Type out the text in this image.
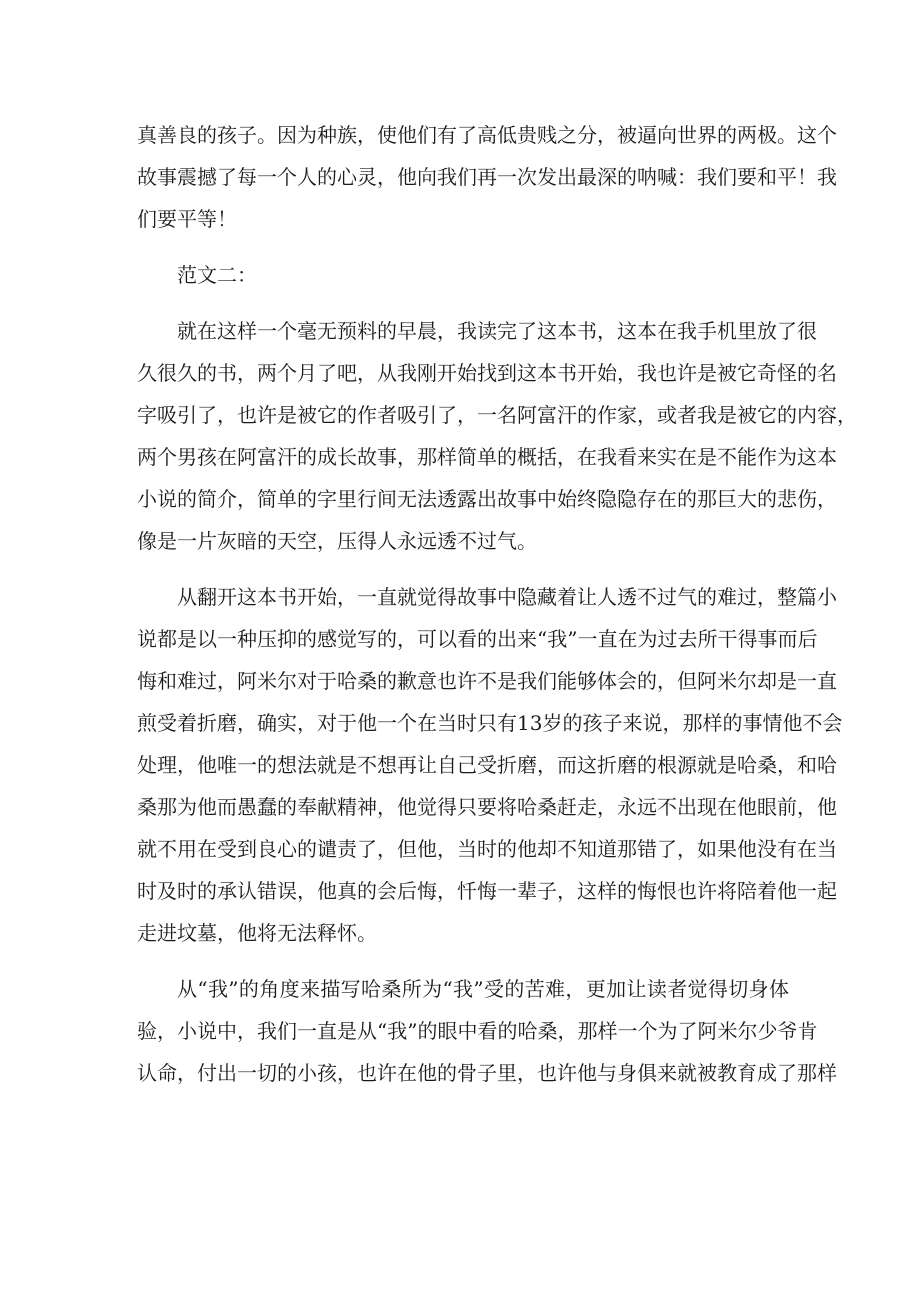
真善良的孩子。因为种族，使他们有了高低贵贱之分，被逼向世界的两极。这个
故事震撼了每一个人的心灵，他向我们再一次发出最深的呐喊：我们要和平！我
们要平等！
范文二：
就在这样一个毫无预料的早晨，我读完了这本书，这本在我手机里放了很
久很久的书，两个月了吧，从我刚开始找到这本书开始，我也许是被它奇怪的名
字吸引了，也许是被它的作者吸引了，一名阿富汗的作家，或者我是被它的内容，
两个男孩在阿富汗的成长故事，那样简单的概括，在我看来实在是不能作为这本
小说的简介，简单的字里行间无法透露出故事中始终隐隐存在的那巨大的悲伤，
像是一片灰暗的天空，压得人永远透不过气。
从翻开这本书开始，一直就觉得故事中隐藏着让人透不过气的难过，整篇小
说都是以一种压抑的感觉写的，可以看的出来“我”一直在为过去所干得事而后
悔和难过，阿米尔对于哈桑的歉意也许不是我们能够体会的，但阿米尔却是一直
煎受着折磨，确实，对于他一个在当时只有13岁的孩子来说，那样的事情他不会
处理，他唯一的想法就是不想再让自己受折磨，而这折磨的根源就是哈桑，和哈
桑那为他而愚蠢的奉献精神，他觉得只要将哈桑赶走，永远不出现在他眼前，他
就不用在受到良心的谴责了，但他，当时的他却不知道那错了，如果他没有在当
时及时的承认错误，他真的会后悔，忏悔一辈子，这样的悔恨也许将陪着他一起
走进坟墓，他将无法释怀。
从“我”的角度来描写哈桑所为“我”受的苦难，更加让读者觉得切身体
验，小说中，我们一直是从“我”的眼中看的哈桑，那样一个为了阿米尔少爷肯
认命，付出一切的小孩，也许在他的骨子里，也许他与身俱来就被教育成了那样
